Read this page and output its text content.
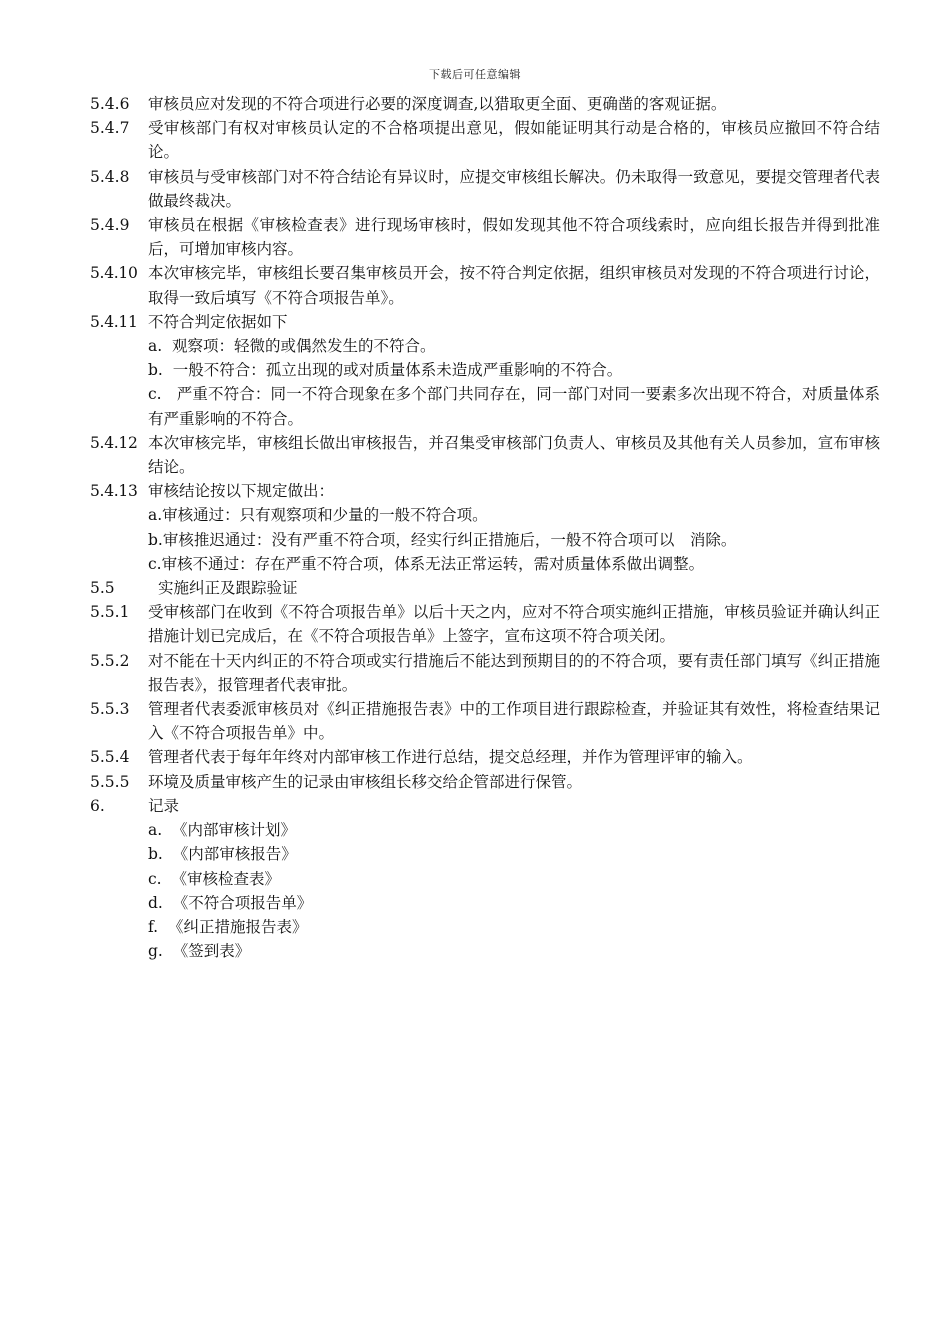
下载后可任意编辑
5.4.6 审核员应对发现的不符合项进行必要的深度调查,以猎取更全面、更确凿的客观证据。
5.4.7 受审核部门有权对审核员认定的不合格项提出意见，假如能证明其行动是合格的，审核员应撤回不符合结论。
5.4.8 审核员与受审核部门对不符合结论有异议时，应提交审核组长解决。仍未取得一致意见，要提交管理者代表做最终裁决。
5.4.9 审核员在根据《审核检查表》进行现场审核时，假如发现其他不符合项线索时，应向组长报告并得到批准后，可增加审核内容。
5.4.10 本次审核完毕，审核组长要召集审核员开会，按不符合判定依据，组织审核员对发现的不符合项进行讨论，取得一致后填写《不符合项报告单》。
5.4.11 不符合判定依据如下
a. 观察项：轻微的或偶然发生的不符合。
b. 一般不符合：孤立出现的或对质量体系未造成严重影响的不符合。
c. 严重不符合：同一不符合现象在多个部门共同存在，同一部门对同一要素多次出现不符合，对质量体系有严重影响的不符合。
5.4.12 本次审核完毕，审核组长做出审核报告，并召集受审核部门负责人、审核员及其他有关人员参加，宣布审核结论。
5.4.13 审核结论按以下规定做出：
a.审核通过：只有观察项和少量的一般不符合项。
b.审核推迟通过：没有严重不符合项，经实行纠正措施后，一般不符合项可以　消除。
c.审核不通过：存在严重不符合项，体系无法正常运转，需对质量体系做出调整。
5.5	实施纠正及跟踪验证
5.5.1 受审核部门在收到《不符合项报告单》以后十天之内，应对不符合项实施纠正措施，审核员验证并确认纠正措施计划已完成后，在《不符合项报告单》上签字，宣布这项不符合项关闭。
5.5.2 对不能在十天内纠正的不符合项或实行措施后不能达到预期目的的不符合项，要有责任部门填写《纠正措施报告表》，报管理者代表审批。
5.5.3 管理者代表委派审核员对《纠正措施报告表》中的工作项目进行跟踪检查，并验证其有效性，将检查结果记入《不符合项报告单》中。
5.5.4 管理者代表于每年年终对内部审核工作进行总结，提交总经理，并作为管理评审的输入。
5.5.5 环境及质量审核产生的记录由审核组长移交给企管部进行保管。
6.	记录
a. 《内部审核计划》
b. 《内部审核报告》
c. 《审核检查表》
d. 《不符合项报告单》
f. 《纠正措施报告表》
g. 《签到表》
